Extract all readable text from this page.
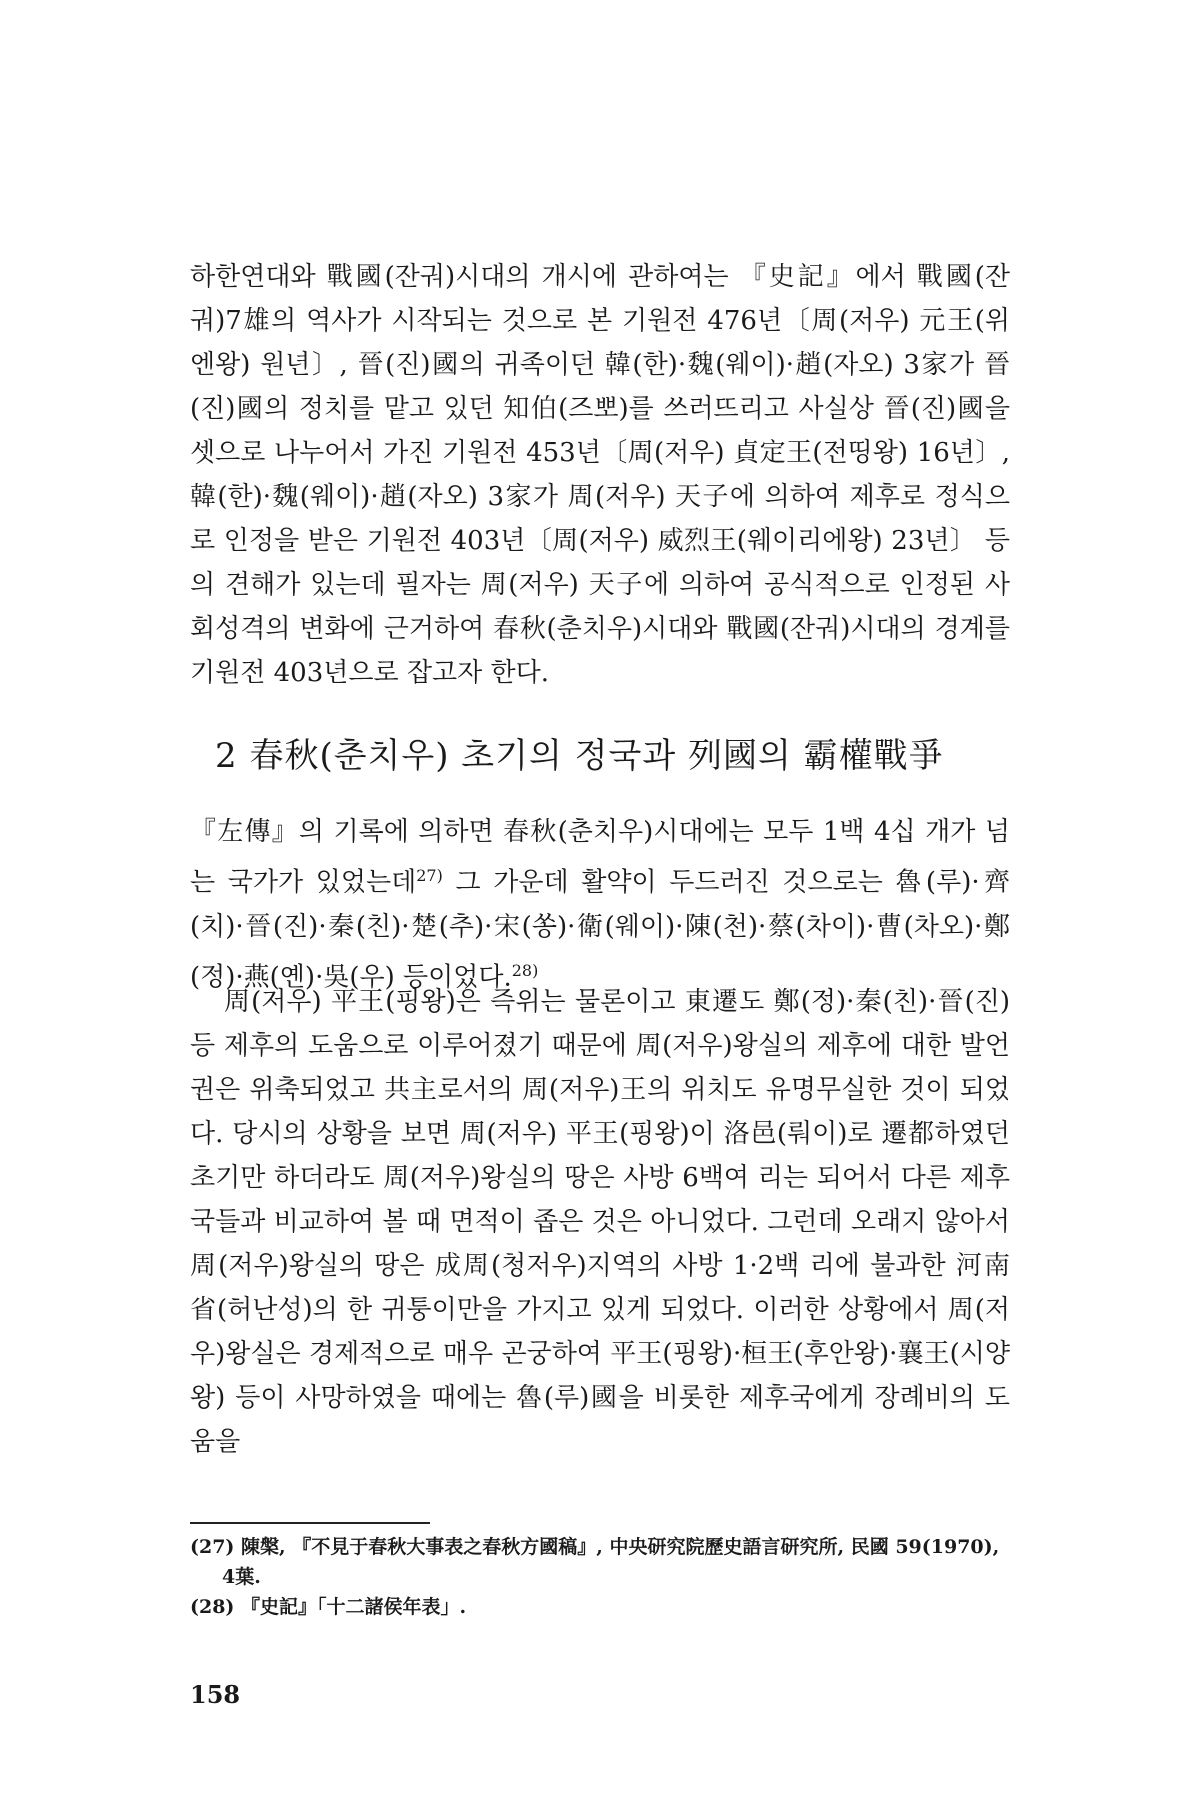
하한연대와 戰國(잔궈)시대의 개시에 관하여는 『史記』에서 戰國(잔궈)7雄의 역사가 시작되는 것으로 본 기원전 476년〔周(저우) 元王(위엔왕) 원년〕, 晉(진)國의 귀족이던 韓(한)·魏(웨이)·趙(자오) 3家가 晉(진)國의 정치를 맡고 있던 知伯(즈뽀)를 쓰러뜨리고 사실상 晉(진)國을 셋으로 나누어서 가진 기원전 453년〔周(저우) 貞定王(전띵왕) 16년〕, 韓(한)·魏(웨이)·趙(자오) 3家가 周(저우) 天子에 의하여 제후로 정식으로 인정을 받은 기원전 403년〔周(저우) 威烈王(웨이리에왕) 23년〕 등의 견해가 있는데 필자는 周(저우) 天子에 의하여 공식적으로 인정된 사회성격의 변화에 근거하여 春秋(춘치우)시대와 戰國(잔궈)시대의 경계를 기원전 403년으로 잡고자 한다.

2 春秋(춘치우) 초기의 정국과 列國의 霸權戰爭

『左傳』의 기록에 의하면 春秋(춘치우)시대에는 모두 1백 4십 개가 넘는 국가가 있었는데$^{27)}$ 그 가운데 활약이 두드러진 것으로는 魯(루)·齊(치)·晉(진)·秦(친)·楚(추)·宋(쏭)·衛(웨이)·陳(천)·蔡(차이)·曹(차오)·鄭(정)·燕(옌)·吳(우) 등이었다.$^{28)}$

周(저우) 平王(핑왕)은 즉위는 물론이고 東遷도 鄭(정)·秦(친)·晉(진) 등 제후의 도움으로 이루어졌기 때문에 周(저우)왕실의 제후에 대한 발언권은 위축되었고 共主로서의 周(저우)王의 위치도 유명무실한 것이 되었다. 당시의 상황을 보면 周(저우) 平王(핑왕)이 洛邑(뤄이)로 遷都하였던 초기만 하더라도 周(저우)왕실의 땅은 사방 6백여 리는 되어서 다른 제후국들과 비교하여 볼 때 면적이 좁은 것은 아니었다. 그런데 오래지 않아서 周(저우)왕실의 땅은 成周(청저우)지역의 사방 1·2백 리에 불과한 河南省(허난성)의 한 귀퉁이만을 가지고 있게 되었다. 이러한 상황에서 周(저우)왕실은 경제적으로 매우 곤궁하여 平王(핑왕)·桓王(후안왕)·襄王(시양왕) 등이 사망하였을 때에는 魯(루)國을 비롯한 제후국에게 장례비의 도움을

(27) 陳槃, 『不見于春秋大事表之春秋方國稿』, 中央研究院歷史語言研究所, 民國 59(1970), 4葉.

(28) 『史記』「十二諸侯年表」.

158
